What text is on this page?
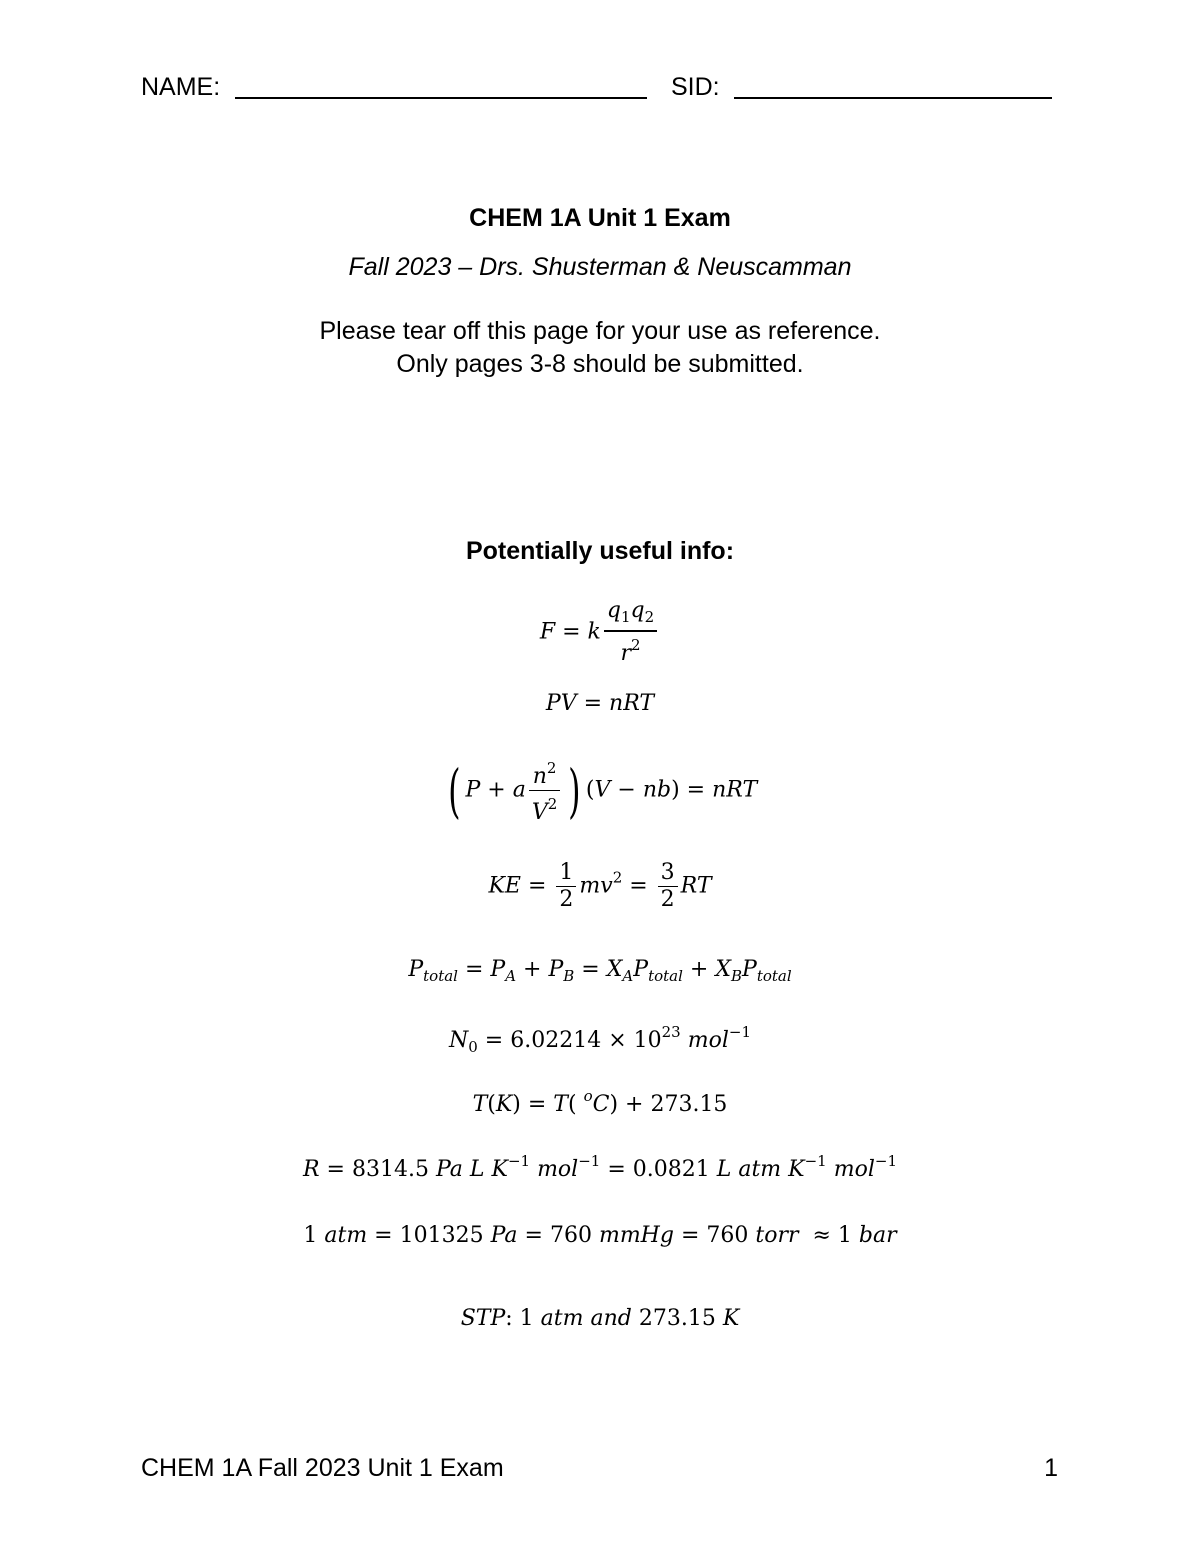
NAME:	SID:
CHEM 1A Unit 1 Exam
Fall 2023 – Drs. Shusterman & Neuscamman
Please tear off this page for your use as reference.
Only pages 3-8 should be submitted.
Potentially useful info:
F = k $\frac{q_1q_2}{r^2}$
PV = nRT
( P + a $\frac{n^2}{V^2}$ ) (V − nb) = nRT
KE = $\frac{1}{2} mv^2 = \frac{3}{2}$ RT
$P_{total} = P_A + P_B = X_AP_{total} + X_BP_{total}$
$N_0 = 6.02214 \times 10^{23}$ mol$^{-1}$
T(K) = T( $^o$C) + 273.15
R = 8314.5 Pa L $K^{-1}$ mol$^{-1}$ = 0.0821 L atm $K^{-1}$ mol$^{-1}$
1 atm = 101325 Pa = 760 mmHg = 760 torr  ≈ 1 bar
STP: 1 atm and 273.15 K
CHEM 1A Fall 2023 Unit 1 Exam	1
